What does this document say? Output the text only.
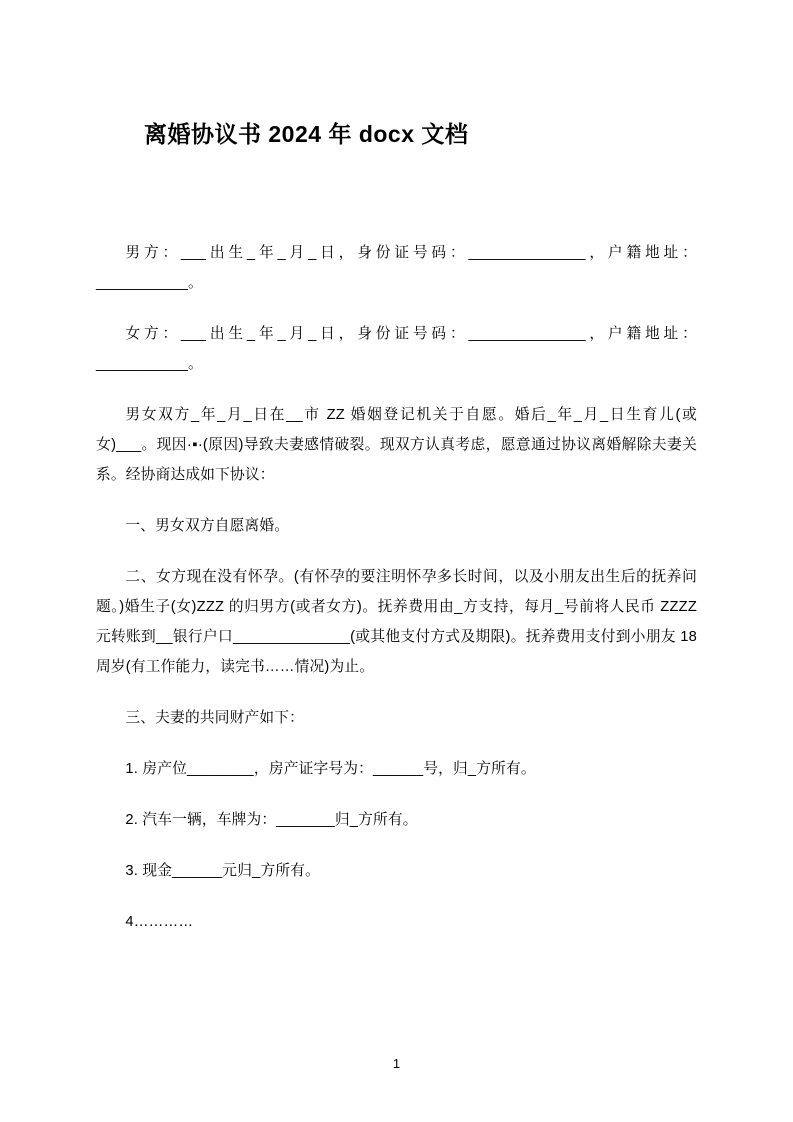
离婚协议书 2024 年 docx 文档

男方：___出生_年_月_日，身份证号码：______________，户籍地址：___________。

女方：___出生_年_月_日，身份证号码：______________，户籍地址：___________。

男女双方_年_月_日在__市 ZZ 婚姻登记机关于自愿。婚后_年_月_日生育儿(或女)___。现因·▪·(原因)导致夫妻感情破裂。现双方认真考虑，愿意通过协议离婚解除夫妻关系。经协商达成如下协议：

一、男女双方自愿离婚。

二、女方现在没有怀孕。(有怀孕的要注明怀孕多长时间，以及小朋友出生后的抚养问题。)婚生子(女)ZZZ 的归男方(或者女方)。抚养费用由_方支持，每月_号前将人民币 ZZZZ 元转账到__银行户口______________(或其他支付方式及期限)。抚养费用支付到小朋友 18 周岁(有工作能力，读完书……情况)为止。

三、夫妻的共同财产如下：

1. 房产位________，房产证字号为：______号，归_方所有。

2. 汽车一辆，车牌为：_______归_方所有。

3. 现金______元归_方所有。

4…………

1
